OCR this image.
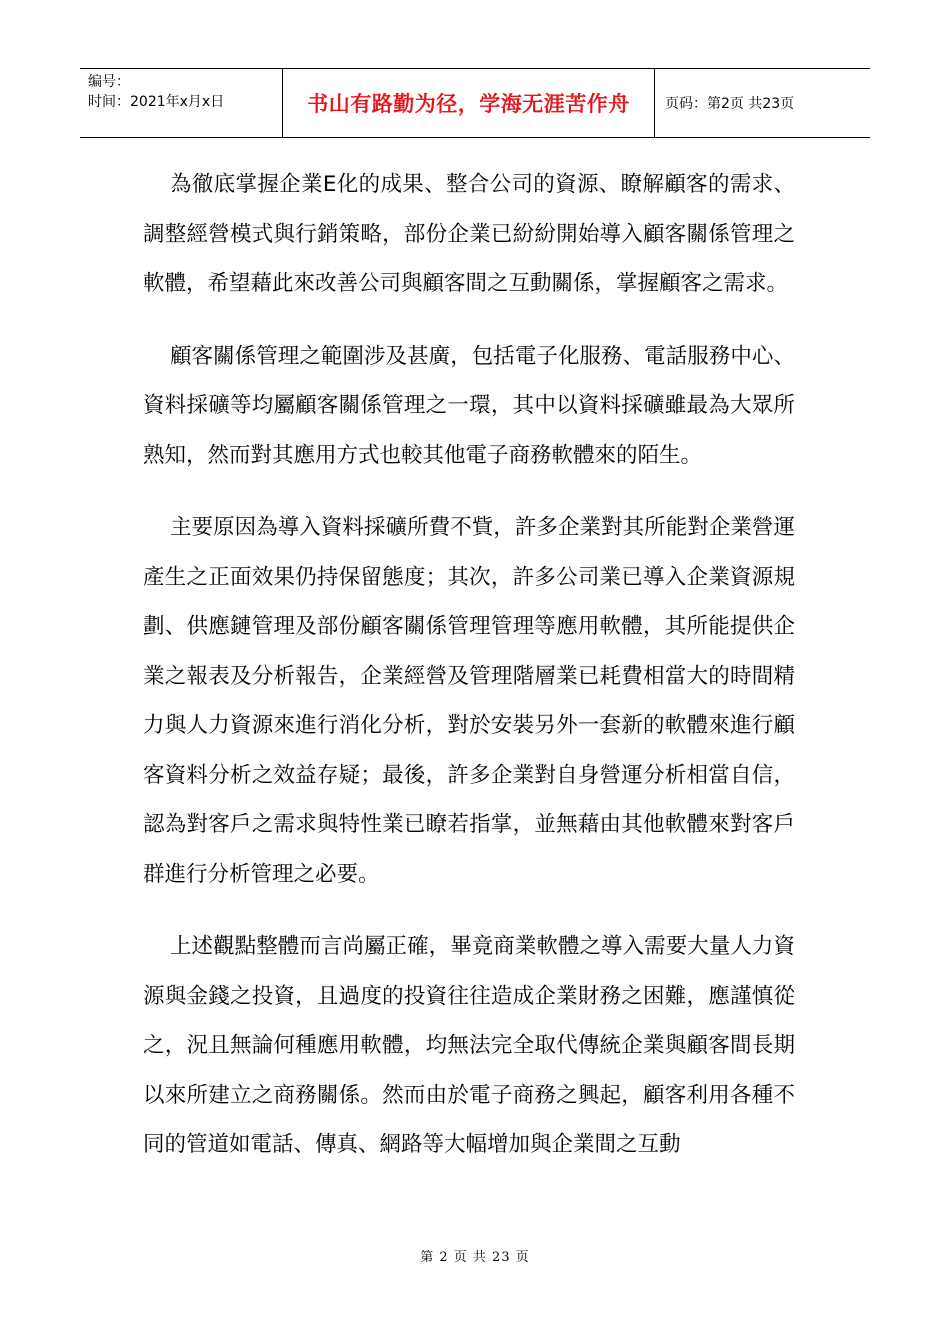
编号：
时间：2021年x月x日	书山有路勤为径，学海无涯苦作舟	页码：第2页 共23页

為徹底掌握企業E化的成果、整合公司的資源、瞭解顧客的需求、調整經營模式與行銷策略，部份企業已紛紛開始導入顧客關係管理之軟體，希望藉此來改善公司與顧客間之互動關係，掌握顧客之需求。

顧客關係管理之範圍涉及甚廣，包括電子化服務、電話服務中心、資料採礦等均屬顧客關係管理之一環，其中以資料採礦雖最為大眾所熟知，然而對其應用方式也較其他電子商務軟體來的陌生。

主要原因為導入資料採礦所費不貲，許多企業對其所能對企業營運產生之正面效果仍持保留態度；其次，許多公司業已導入企業資源規劃、供應鏈管理及部份顧客關係管理管理等應用軟體，其所能提供企業之報表及分析報告，企業經營及管理階層業已耗費相當大的時間精力與人力資源來進行消化分析，對於安裝另外一套新的軟體來進行顧客資料分析之效益存疑；最後，許多企業對自身營運分析相當自信，認為對客戶之需求與特性業已瞭若指掌，並無藉由其他軟體來對客戶群進行分析管理之必要。

上述觀點整體而言尚屬正確，畢竟商業軟體之導入需要大量人力資源與金錢之投資，且過度的投資往往造成企業財務之困難，應謹慎從之，況且無論何種應用軟體，均無法完全取代傳統企業與顧客間長期以來所建立之商務關係。然而由於電子商務之興起，顧客利用各種不同的管道如電話、傳真、網路等大幅增加與企業間之互動

第 2 页 共 23 页
